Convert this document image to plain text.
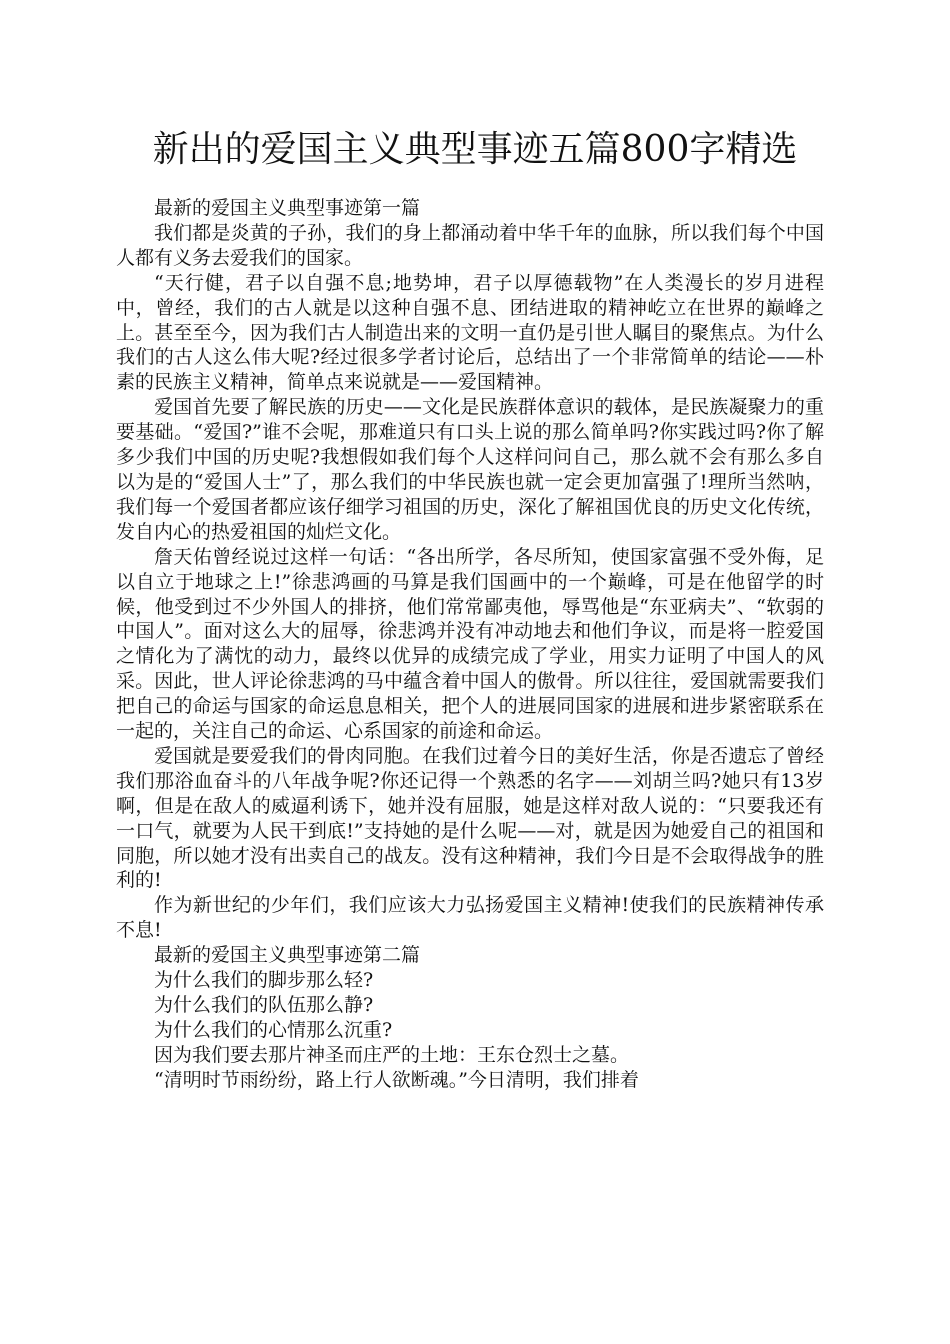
新出的爱国主义典型事迹五篇800字精选

最新的爱国主义典型事迹第一篇

我们都是炎黄的子孙，我们的身上都涌动着中华千年的血脉，所以我们每个中国人都有义务去爱我们的国家。

“天行健，君子以自强不息;地势坤，君子以厚德载物”在人类漫长的岁月进程中，曾经，我们的古人就是以这种自强不息、团结进取的精神屹立在世界的巅峰之上。甚至至今，因为我们古人制造出来的文明一直仍是引世人瞩目的聚焦点。为什么我们的古人这么伟大呢?经过很多学者讨论后，总结出了一个非常简单的结论——朴素的民族主义精神，简单点来说就是——爱国精神。

爱国首先要了解民族的历史——文化是民族群体意识的载体，是民族凝聚力的重要基础。“爱国?”谁不会呢，那难道只有口头上说的那么简单吗?你实践过吗?你了解多少我们中国的历史呢?我想假如我们每个人这样问问自己，那么就不会有那么多自以为是的“爱国人士”了，那么我们的中华民族也就一定会更加富强了!理所当然呐，我们每一个爱国者都应该仔细学习祖国的历史，深化了解祖国优良的历史文化传统，发自内心的热爱祖国的灿烂文化。

詹天佑曾经说过这样一句话：“各出所学，各尽所知，使国家富强不受外侮，足以自立于地球之上!”徐悲鸿画的马算是我们国画中的一个巅峰，可是在他留学的时候，他受到过不少外国人的排挤，他们常常鄙夷他，辱骂他是“东亚病夫”、“软弱的中国人”。面对这么大的屈辱，徐悲鸿并没有冲动地去和他们争议，而是将一腔爱国之情化为了满忱的动力，最终以优异的成绩完成了学业，用实力证明了中国人的风采。因此，世人评论徐悲鸿的马中蕴含着中国人的傲骨。所以往往，爱国就需要我们把自己的命运与国家的命运息息相关，把个人的进展同国家的进展和进步紧密联系在一起的，关注自己的命运、心系国家的前途和命运。

爱国就是要爱我们的骨肉同胞。在我们过着今日的美好生活，你是否遗忘了曾经我们那浴血奋斗的八年战争呢?你还记得一个熟悉的名字——刘胡兰吗?她只有13岁啊，但是在敌人的威逼利诱下，她并没有屈服，她是这样对敌人说的：“只要我还有一口气，就要为人民干到底!”支持她的是什么呢——对，就是因为她爱自己的祖国和同胞，所以她才没有出卖自己的战友。没有这种精神，我们今日是不会取得战争的胜利的!

作为新世纪的少年们，我们应该大力弘扬爱国主义精神!使我们的民族精神传承不息!

最新的爱国主义典型事迹第二篇

为什么我们的脚步那么轻?

为什么我们的队伍那么静?

为什么我们的心情那么沉重?

因为我们要去那片神圣而庄严的土地：王东仓烈士之墓。

“清明时节雨纷纷，路上行人欲断魂。”今日清明，我们排着
